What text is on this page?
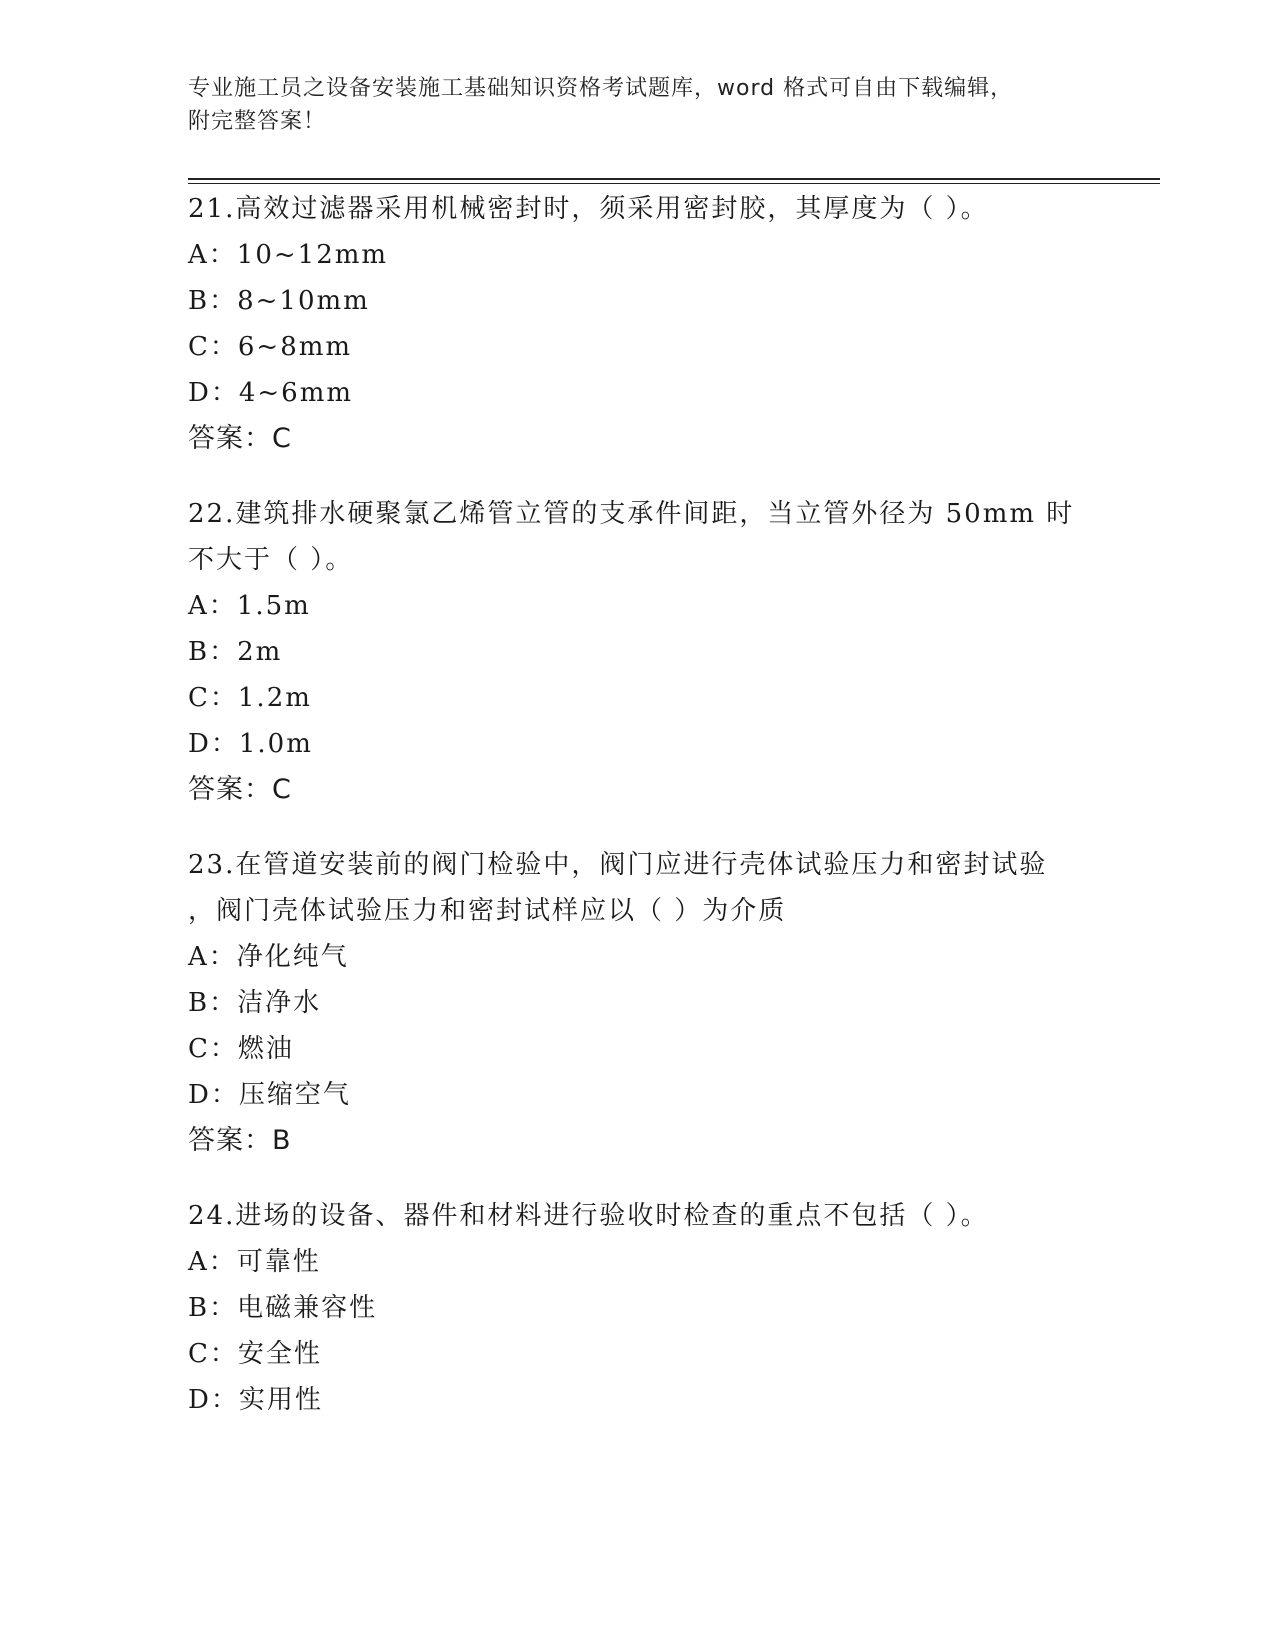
专业施工员之设备安装施工基础知识资格考试题库，word 格式可自由下载编辑，
附完整答案！
21.高效过滤器采用机械密封时，须采用密封胶，其厚度为（ ）。
A：10~12mm
B：8~10mm
C：6~8mm
D：4~6mm
答案：C
22.建筑排水硬聚氯乙烯管立管的支承件间距，当立管外径为 50mm 时
不大于（ ）。
A：1.5m
B：2m
C：1.2m
D：1.0m
答案：C
23.在管道安装前的阀门检验中，阀门应进行壳体试验压力和密封试验
，阀门壳体试验压力和密封试样应以（ ）为介质
A：净化纯气
B：洁净水
C：燃油
D：压缩空气
答案：B
24.进场的设备、器件和材料进行验收时检查的重点不包括（ ）。
A：可靠性
B：电磁兼容性
C：安全性
D：实用性
